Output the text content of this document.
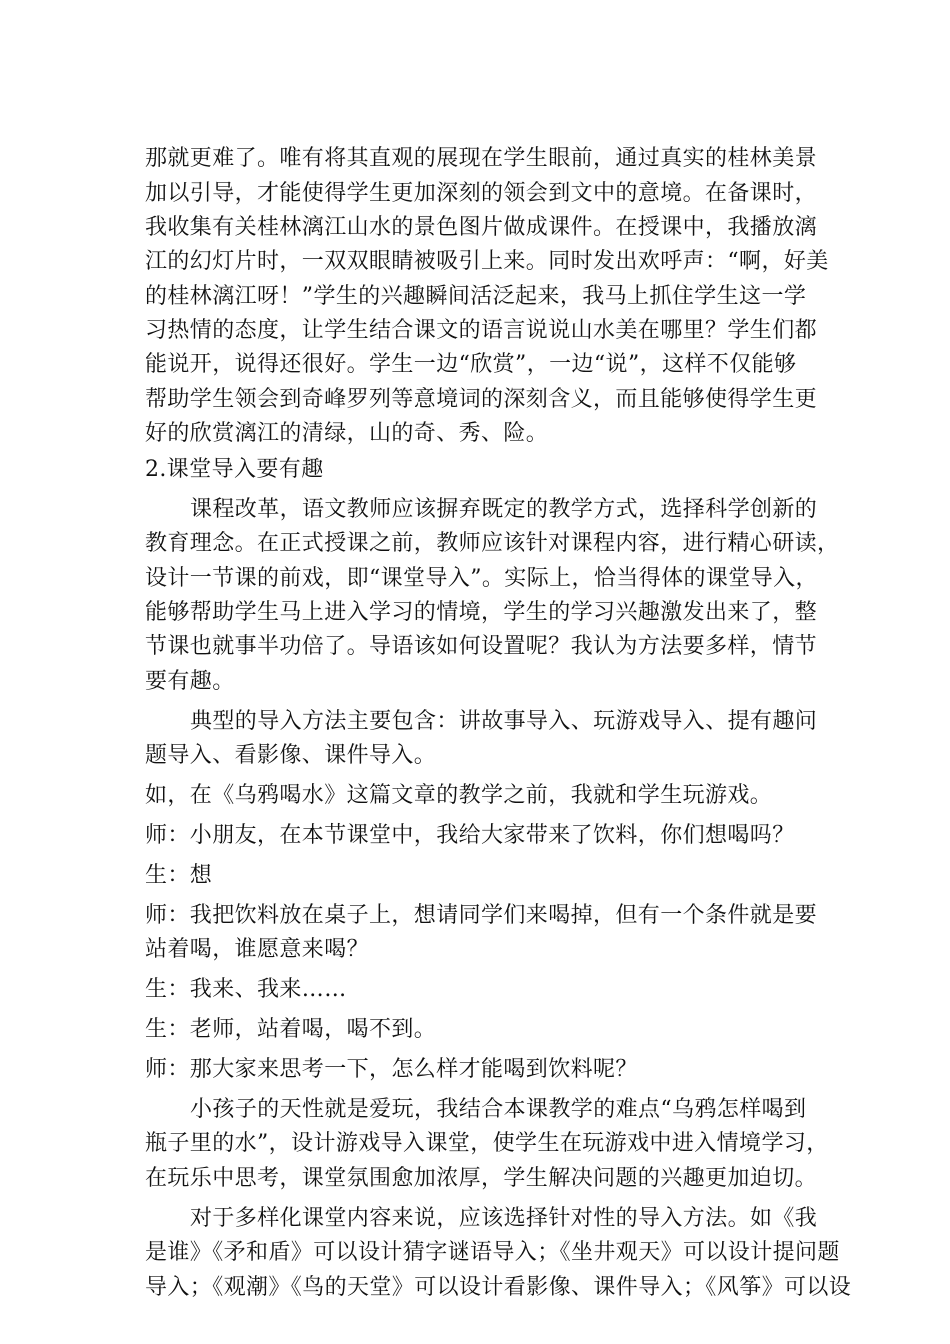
那就更难了。唯有将其直观的展现在学生眼前，通过真实的桂林美景
加以引导，才能使得学生更加深刻的领会到文中的意境。在备课时，
我收集有关桂林漓江山水的景色图片做成课件。在授课中，我播放漓
江的幻灯片时，一双双眼睛被吸引上来。同时发出欢呼声：“啊，好美
的桂林漓江呀！”学生的兴趣瞬间活泛起来，我马上抓住学生这一学
习热情的态度，让学生结合课文的语言说说山水美在哪里？学生们都
能说开，说得还很好。学生一边“欣赏”，一边“说”，这样不仅能够
帮助学生领会到奇峰罗列等意境词的深刻含义，而且能够使得学生更
好的欣赏漓江的清绿，山的奇、秀、险。
2.课堂导入要有趣
课程改革，语文教师应该摒弃既定的教学方式，选择科学创新的
教育理念。在正式授课之前，教师应该针对课程内容，进行精心研读，
设计一节课的前戏，即“课堂导入”。实际上，恰当得体的课堂导入，
能够帮助学生马上进入学习的情境，学生的学习兴趣激发出来了，整
节课也就事半功倍了。导语该如何设置呢？我认为方法要多样，情节
要有趣。
典型的导入方法主要包含：讲故事导入、玩游戏导入、提有趣问
题导入、看影像、课件导入。
如，在《乌鸦喝水》这篇文章的教学之前，我就和学生玩游戏。
师：小朋友，在本节课堂中，我给大家带来了饮料，你们想喝吗？
生：想
师：我把饮料放在桌子上，想请同学们来喝掉，但有一个条件就是要
站着喝，谁愿意来喝？
生：我来、我来……
生：老师，站着喝，喝不到。
师：那大家来思考一下，怎么样才能喝到饮料呢？
小孩子的天性就是爱玩，我结合本课教学的难点“乌鸦怎样喝到
瓶子里的水”，设计游戏导入课堂，使学生在玩游戏中进入情境学习，
在玩乐中思考，课堂氛围愈加浓厚，学生解决问题的兴趣更加迫切。
对于多样化课堂内容来说，应该选择针对性的导入方法。如《我
是谁》《矛和盾》可以设计猜字谜语导入；《坐井观天》可以设计提问题
导入；《观潮》《鸟的天堂》可以设计看影像、课件导入；《风筝》可以设
